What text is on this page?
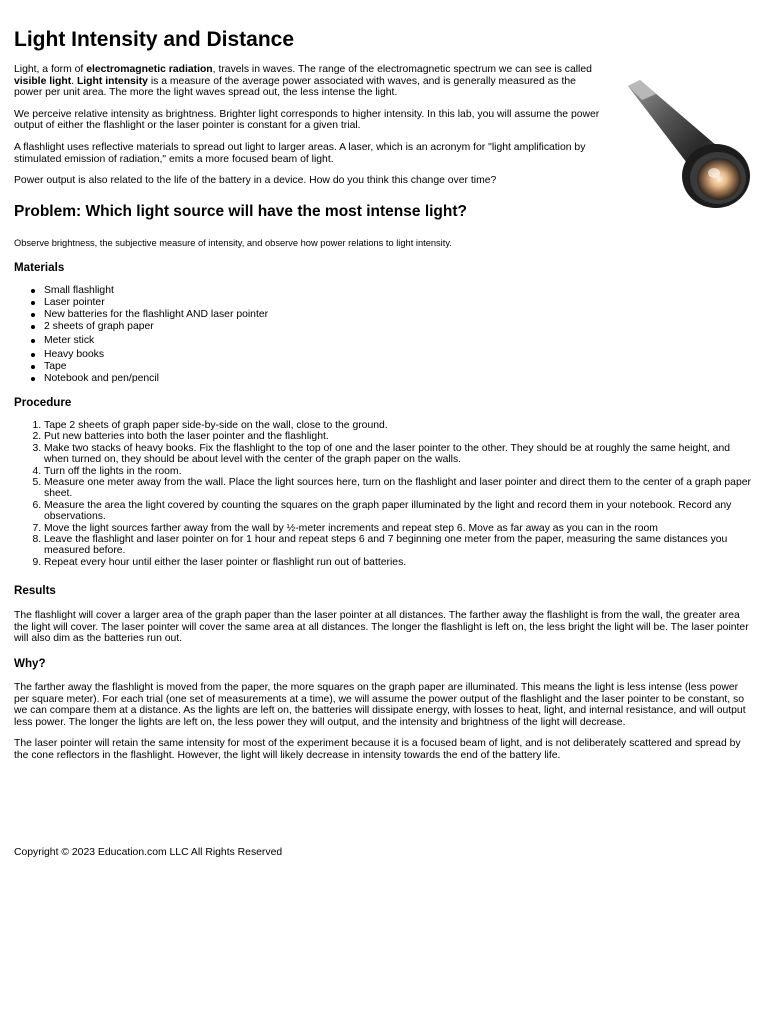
Light Intensity and Distance

Light, a form of electromagnetic radiation, travels in waves. The range of the electromagnetic spectrum we can see is called visible light. Light intensity is a measure of the average power associated with waves, and is generally measured as the power per unit area. The more the light waves spread out, the less intense the light.

We perceive relative intensity as brightness. Brighter light corresponds to higher intensity. In this lab, you will assume the power output of either the flashlight or the laser pointer is constant for a given trial.

A flashlight uses reflective materials to spread out light to larger areas. A laser, which is an acronym for "light amplification by stimulated emission of radiation," emits a more focused beam of light.

Power output is also related to the life of the battery in a device. How do you think this change over time?

Problem: Which light source will have the most intense light?

Observe brightness, the subjective measure of intensity, and observe how power relations to light intensity.

Materials
Small flashlight
Laser pointer
New batteries for the flashlight AND laser pointer
2 sheets of graph paper
Meter stick
Heavy books
Tape
Notebook and pen/pencil
Procedure
1. Tape 2 sheets of graph paper side-by-side on the wall, close to the ground.
2. Put new batteries into both the laser pointer and the flashlight.
3. Make two stacks of heavy books. Fix the flashlight to the top of one and the laser pointer to the other. They should be at roughly the same height, and when turned on, they should be about level with the center of the graph paper on the walls.
4. Turn off the lights in the room.
5. Measure one meter away from the wall. Place the light sources here, turn on the flashlight and laser pointer and direct them to the center of a graph paper sheet.
6. Measure the area the light covered by counting the squares on the graph paper illuminated by the light and record them in your notebook. Record any observations.
7. Move the light sources farther away from the wall by ½-meter increments and repeat step 6. Move as far away as you can in the room
8. Leave the flashlight and laser pointer on for 1 hour and repeat steps 6 and 7 beginning one meter from the paper, measuring the same distances you measured before.
9. Repeat every hour until either the laser pointer or flashlight run out of batteries.
Results

The flashlight will cover a larger area of the graph paper than the laser pointer at all distances. The farther away the flashlight is from the wall, the greater area the light will cover. The laser pointer will cover the same area at all distances. The longer the flashlight is left on, the less bright the light will be. The laser pointer will also dim as the batteries run out.

Why?

The farther away the flashlight is moved from the paper, the more squares on the graph paper are illuminated. This means the light is less intense (less power per square meter). For each trial (one set of measurements at a time), we will assume the power output of the flashlight and the laser pointer to be constant, so we can compare them at a distance. As the lights are left on, the batteries will dissipate energy, with losses to heat, light, and internal resistance, and will output less power. The longer the lights are left on, the less power they will output, and the intensity and brightness of the light will decrease.

The laser pointer will retain the same intensity for most of the experiment because it is a focused beam of light, and is not deliberately scattered and spread by the cone reflectors in the flashlight. However, the light will likely decrease in intensity towards the end of the battery life.

Copyright © 2023 Education.com LLC All Rights Reserved
